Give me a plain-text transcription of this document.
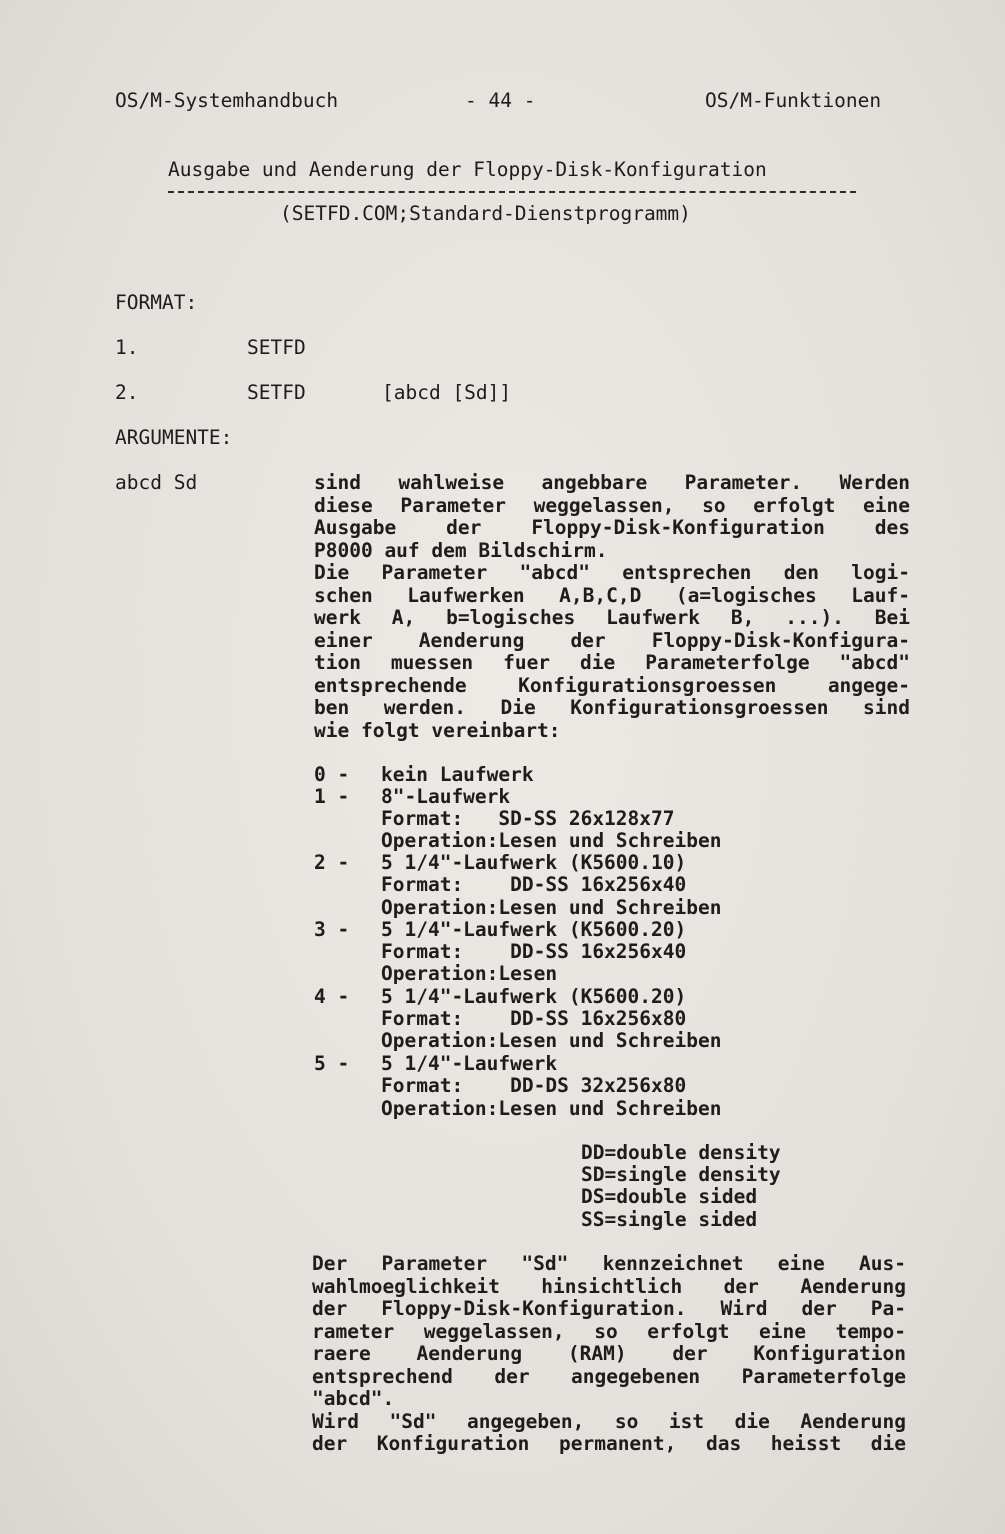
OS/M-Systemhandbuch	- 44 -	OS/M-Funktionen
Ausgabe und Aenderung der Floppy-Disk-Konfiguration
(SETFD.COM;Standard-Dienstprogramm)
FORMAT:
1.	SETFD
2.	SETFD	[abcd [Sd]]
ARGUMENTE:
abcd Sd	sind wahlweise angebbare Parameter. Werden
diese Parameter weggelassen, so erfolgt eine
Ausgabe der Floppy-Disk-Konfiguration des
P8000 auf dem Bildschirm.
Die Parameter "abcd" entsprechen den logi-
schen Laufwerken A,B,C,D (a=logisches Lauf-
werk A, b=logisches Laufwerk B, ...). Bei
einer Aenderung der Floppy-Disk-Konfigura-
tion muessen fuer die Parameterfolge "abcd"
entsprechende Konfigurationsgroessen angege-
ben werden. Die Konfigurationsgroessen sind
wie folgt vereinbart:
0 - kein Laufwerk
1 - 8"-Laufwerk
Format:   SD-SS 26x128x77
Operation:Lesen und Schreiben
2 - 5 1/4"-Laufwerk (K5600.10)
Format:    DD-SS 16x256x40
Operation:Lesen und Schreiben
3 - 5 1/4"-Laufwerk (K5600.20)
Format:    DD-SS 16x256x40
Operation:Lesen
4 - 5 1/4"-Laufwerk (K5600.20)
Format:    DD-SS 16x256x80
Operation:Lesen und Schreiben
5 - 5 1/4"-Laufwerk
Format:    DD-DS 32x256x80
Operation:Lesen und Schreiben
DD=double density
SD=single density
DS=double sided
SS=single sided
Der Parameter "Sd" kennzeichnet eine Aus-
wahlmoeglichkeit hinsichtlich der Aenderung
der Floppy-Disk-Konfiguration. Wird der Pa-
rameter weggelassen, so erfolgt eine tempo-
raere Aenderung (RAM) der Konfiguration
entsprechend der angegebenen Parameterfolge
"abcd".
Wird "Sd" angegeben, so ist die Aenderung
der Konfiguration permanent, das heisst die
